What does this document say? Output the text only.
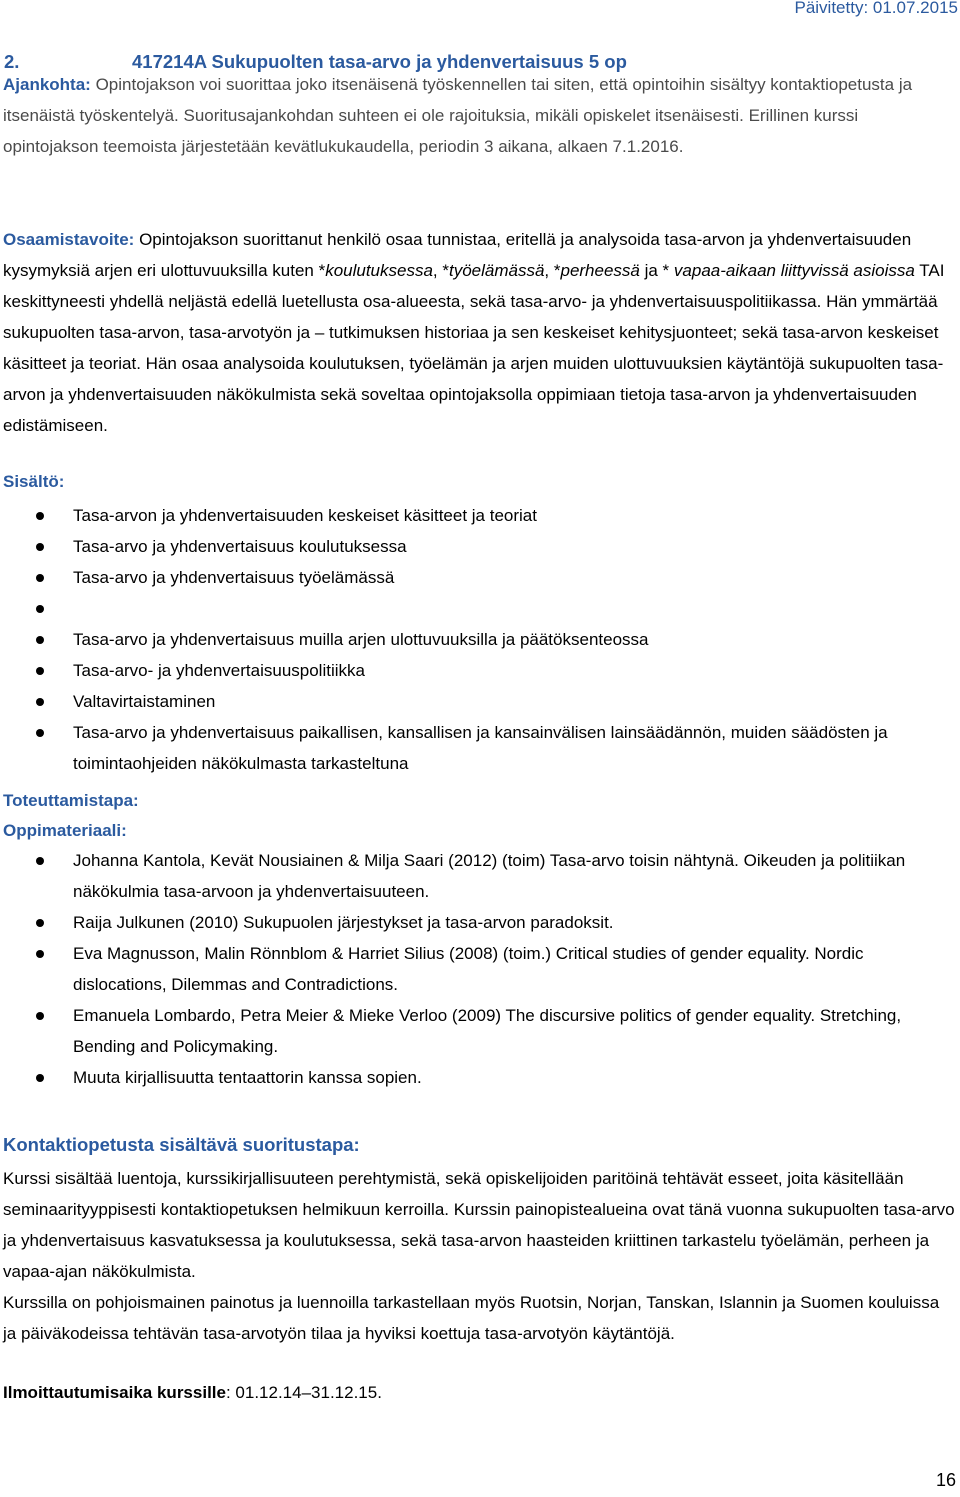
Päivitetty: 01.07.2015
2.	417214A Sukupuolten tasa-arvo ja yhdenvertaisuus 5 op
Ajankohta: Opintojakson voi suorittaa joko itsenäisenä työskennellen tai siten, että opintoihin sisältyy kontaktiopetusta ja itsenäistä työskentelyä. Suoritusajankohdan suhteen ei ole rajoituksia, mikäli opiskelet itsenäisesti. Erillinen kurssi opintojakson teemoista järjestetään kevätlukukaudella, periodin 3 aikana, alkaen 7.1.2016.
Osaamistavoite: Opintojakson suorittanut henkilö osaa tunnistaa, eritellä ja analysoida tasa-arvon ja yhdenvertaisuuden kysymyksiä arjen eri ulottuvuuksilla kuten *koulutuksessa, *työelämässä, *perheessä ja * vapaa-aikaan liittyvissä asioissa TAI keskittyneesti yhdellä neljästä edellä luetellusta osa-alueesta, sekä tasa-arvo- ja yhdenvertaisuuspolitiikassa. Hän ymmärtää sukupuolten tasa-arvon, tasa-arvotyön ja – tutkimuksen historiaa ja sen keskeiset kehitysjuonteet; sekä tasa-arvon keskeiset käsitteet ja teoriat. Hän osaa analysoida koulutuksen, työelämän ja arjen muiden ulottuvuuksien käytäntöjä sukupuolten tasa-arvon ja yhdenvertaisuuden näkökulmista sekä soveltaa opintojaksolla oppimiaan tietoja tasa-arvon ja yhdenvertaisuuden edistämiseen.
Sisältö:
Tasa-arvon ja yhdenvertaisuuden keskeiset käsitteet ja teoriat
Tasa-arvo ja yhdenvertaisuus koulutuksessa
Tasa-arvo ja yhdenvertaisuus työelämässä
Tasa-arvo ja yhdenvertaisuus muilla arjen ulottuvuuksilla ja päätöksenteossa
Tasa-arvo- ja yhdenvertaisuuspolitiikka
Valtavirtaistaminen
Tasa-arvo ja yhdenvertaisuus paikallisen, kansallisen ja kansainvälisen lainsäädännön, muiden säädösten ja toimintaohjeiden näkökulmasta tarkasteltuna
Toteuttamistapa:
Oppimateriaali:
Johanna Kantola, Kevät Nousiainen & Milja Saari (2012) (toim) Tasa-arvo toisin nähtynä. Oikeuden ja politiikan näkökulmia tasa-arvoon ja yhdenvertaisuuteen.
Raija Julkunen (2010) Sukupuolen järjestykset ja tasa-arvon paradoksit.
Eva Magnusson, Malin Rönnblom & Harriet Silius (2008) (toim.) Critical studies of gender equality. Nordic dislocations, Dilemmas and Contradictions.
Emanuela Lombardo, Petra Meier & Mieke Verloo (2009) The discursive politics of gender equality. Stretching, Bending and Policymaking.
Muuta kirjallisuutta tentaattorin kanssa sopien.
Kontaktiopetusta sisältävä suoritustapa:
Kurssi sisältää luentoja, kurssikirjallisuuteen perehtymistä, sekä opiskelijoiden paritöinä tehtävät esseet, joita käsitellään seminaarityyppisesti kontaktiopetuksen helmikuun kerroilla. Kurssin painopistealueina ovat tänä vuonna sukupuolten tasa-arvo ja yhdenvertaisuus kasvatuksessa ja koulutuksessa, sekä tasa-arvon haasteiden kriittinen tarkastelu työelämän, perheen ja vapaa-ajan näkökulmista.
Kurssilla on pohjoismainen painotus ja luennoilla tarkastellaan myös Ruotsin, Norjan, Tanskan, Islannin ja Suomen kouluissa ja päiväkodeissa tehtävän tasa-arvotyön tilaa ja hyviksi koettuja tasa-arvotyön käytäntöjä.
Ilmoittautumisaika kurssille: 01.12.14–31.12.15.
16
